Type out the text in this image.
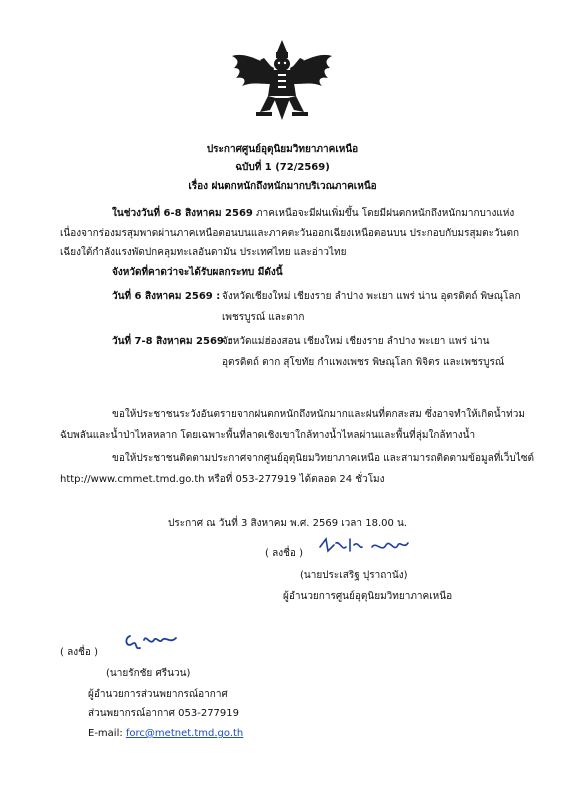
ประกาศศูนย์อุตุนิยมวิทยาภาคเหนือ
ฉบับที่ 1 (72/2569)
เรื่อง ฝนตกหนักถึงหนักมากบริเวณภาคเหนือ
ในช่วงวันที่ 6-8 สิงหาคม 2569 ภาคเหนือจะมีฝนเพิ่มขึ้น โดยมีฝนตกหนักถึงหนักมากบางแห่ง
เนื่องจากร่องมรสุมพาดผ่านภาคเหนือตอนบนและภาคตะวันออกเฉียงเหนือตอนบน ประกอบกับมรสุมตะวันตก
เฉียงใต้กำลังแรงพัดปกคลุมทะเลอันดามัน ประเทศไทย และอ่าวไทย
จังหวัดที่คาดว่าจะได้รับผลกระทบ มีดังนี้
วันที่ 6 สิงหาคม 2569 : จังหวัดเชียงใหม่ เชียงราย ลำปาง พะเยา แพร่ น่าน อุตรดิตถ์ พิษณุโลก
เพชรบูรณ์ และตาก
วันที่ 7-8 สิงหาคม 2569 :
จังหวัดแม่ฮ่องสอน เชียงใหม่ เชียงราย ลำปาง พะเยา แพร่ น่าน
อุตรดิตถ์ ตาก สุโขทัย กำแพงเพชร พิษณุโลก พิจิตร และเพชรบูรณ์
ขอให้ประชาชนระวังอันตรายจากฝนตกหนักถึงหนักมากและฝนที่ตกสะสม ซึ่งอาจทำให้เกิดน้ำท่วม
ฉับพลันและน้ำป่าไหลหลาก โดยเฉพาะพื้นที่ลาดเชิงเขาใกล้ทางน้ำไหลผ่านและพื้นที่ลุ่มใกล้ทางน้ำ
ขอให้ประชาชนติดตามประกาศจากศูนย์อุตุนิยมวิทยาภาคเหนือ และสามารถติดตามข้อมูลที่เว็บไซต์
http://www.cmmet.tmd.go.th หรือที่ 053-277919 ได้ตลอด 24 ชั่วโมง
ประกาศ ณ วันที่ 3 สิงหาคม พ.ศ. 2569 เวลา 18.00 น.
( ลงชื่อ )
(นายประเสริฐ ปุราถานัง)
ผู้อำนวยการศูนย์อุตุนิยมวิทยาภาคเหนือ
( ลงชื่อ )
(นายรักชัย ศรีนวน)
ผู้อำนวยการส่วนพยากรณ์อากาศ
ส่วนพยากรณ์อากาศ 053-277919
E-mail: forc@metnet.tmd.go.th
